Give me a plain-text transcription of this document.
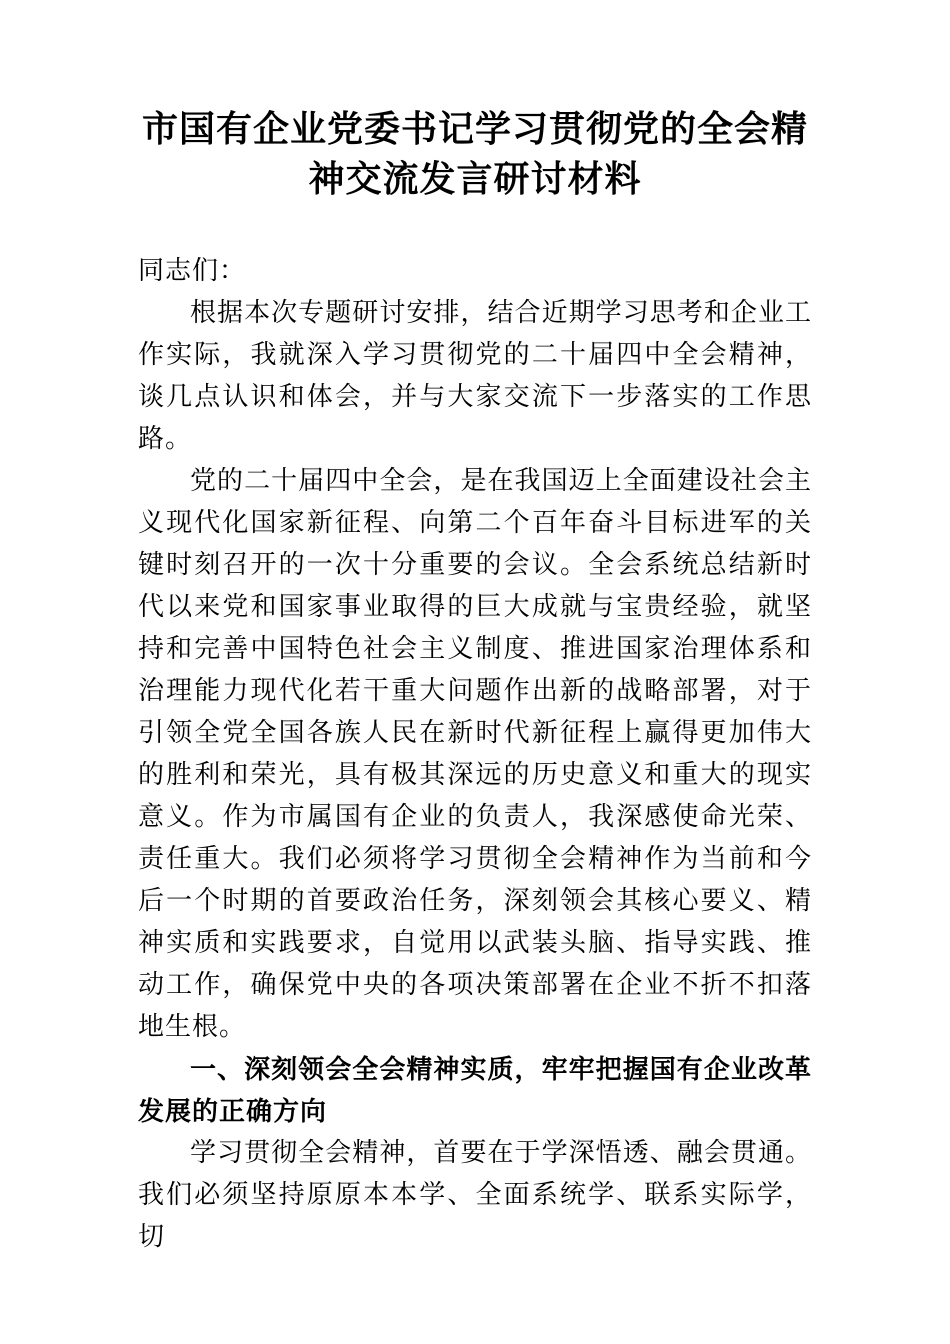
市国有企业党委书记学习贯彻党的全会精神交流发言研讨材料

同志们：

根据本次专题研讨安排，结合近期学习思考和企业工作实际，我就深入学习贯彻党的二十届四中全会精神，谈几点认识和体会，并与大家交流下一步落实的工作思路。

党的二十届四中全会，是在我国迈上全面建设社会主义现代化国家新征程、向第二个百年奋斗目标进军的关键时刻召开的一次十分重要的会议。全会系统总结新时代以来党和国家事业取得的巨大成就与宝贵经验，就坚持和完善中国特色社会主义制度、推进国家治理体系和治理能力现代化若干重大问题作出新的战略部署，对于引领全党全国各族人民在新时代新征程上赢得更加伟大的胜利和荣光，具有极其深远的历史意义和重大的现实意义。作为市属国有企业的负责人，我深感使命光荣、责任重大。我们必须将学习贯彻全会精神作为当前和今后一个时期的首要政治任务，深刻领会其核心要义、精神实质和实践要求，自觉用以武装头脑、指导实践、推动工作，确保党中央的各项决策部署在企业不折不扣落地生根。

一、深刻领会全会精神实质，牢牢把握国有企业改革发展的正确方向

学习贯彻全会精神，首要在于学深悟透、融会贯通。我们必须坚持原原本本学、全面系统学、联系实际学，切
